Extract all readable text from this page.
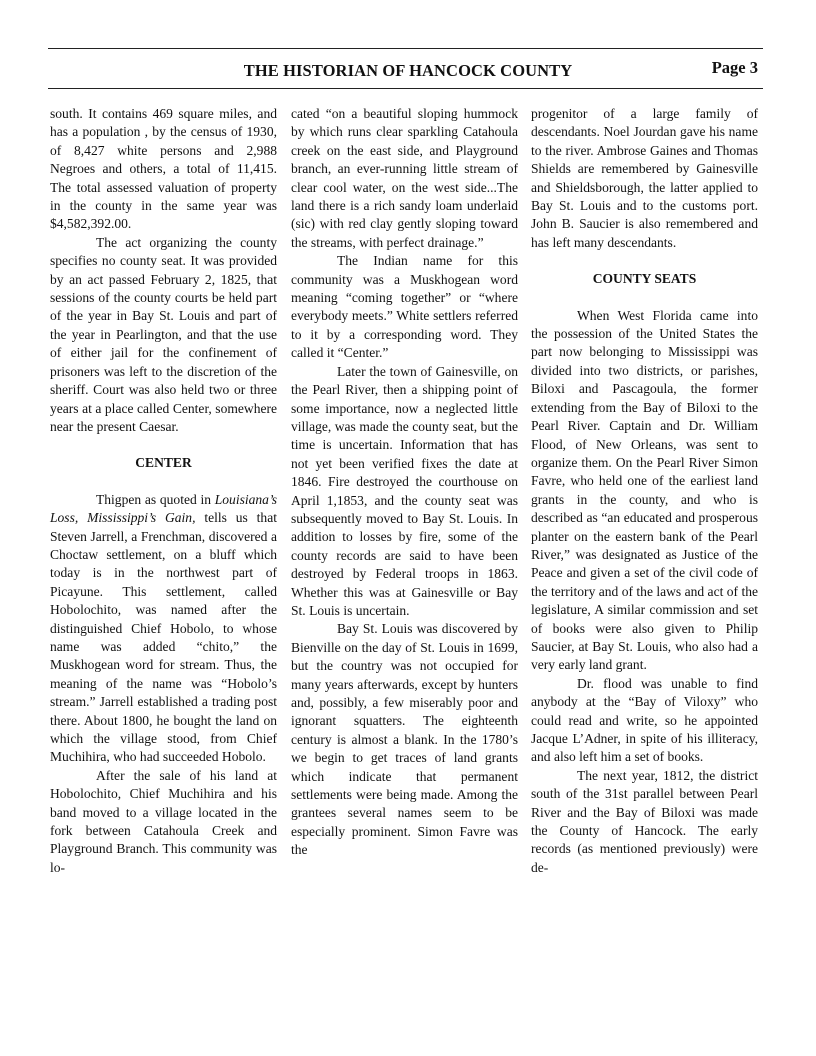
THE HISTORIAN OF HANCOCK COUNTY	Page 3

south. It contains 469 square miles, and has a population , by the census of 1930, of 8,427 white persons and 2,988 Negroes and others, a total of 11,415. The total assessed valuation of property in the county in the same year was $4,582,392.00.

The act organizing the county specifies no county seat. It was provided by an act passed February 2, 1825, that sessions of the county courts be held part of the year in Bay St. Louis and part of the year in Pearlington, and that the use of either jail for the confinement of prisoners was left to the discretion of the sheriff. Court was also held two or three years at a place called Center, somewhere near the present Caesar.

CENTER

Thigpen as quoted in Louisiana’s Loss, Mississippi’s Gain, tells us that Steven Jarrell, a Frenchman, discovered a Choctaw settlement, on a bluff which today is in the northwest part of Picayune. This settlement, called Hobolochito, was named after the distinguished Chief Hobolo, to whose name was added “chito,” the Muskhogean word for stream. Thus, the meaning of the name was “Hobolo’s stream.” Jarrell established a trading post there. About 1800, he bought the land on which the village stood, from Chief Muchihira, who had succeeded Hobolo.

After the sale of his land at Hobolochito, Chief Muchihira and his band moved to a village located in the fork between Catahoula Creek and Playground Branch. This community was lo-

cated “on a beautiful sloping hummock by which runs clear sparkling Catahoula creek on the east side, and Playground branch, an ever-running little stream of clear cool water, on the west side...The land there is a rich sandy loam underlaid (sic) with red clay gently sloping toward the streams, with perfect drainage.”

The Indian name for this community was a Muskhogean word meaning “coming together” or “where everybody meets.” White settlers referred to it by a corresponding word. They called it “Center.”

Later the town of Gainesville, on the Pearl River, then a shipping point of some importance, now a neglected little village, was made the county seat, but the time is uncertain. Information that has not yet been verified fixes the date at 1846. Fire destroyed the courthouse on April 1,1853, and the county seat was subsequently moved to Bay St. Louis. In addition to losses by fire, some of the county records are said to have been destroyed by Federal troops in 1863. Whether this was at Gainesville or Bay St. Louis is uncertain.

Bay St. Louis was discovered by Bienville on the day of St. Louis in 1699, but the country was not occupied for many years afterwards, except by hunters and, possibly, a few miserably poor and ignorant squatters. The eighteenth century is almost a blank. In the 1780’s we begin to get traces of land grants which indicate that permanent settlements were being made. Among the grantees several names seem to be especially prominent. Simon Favre was the

progenitor of a large family of descendants. Noel Jourdan gave his name to the river. Ambrose Gaines and Thomas Shields are remembered by Gainesville and Shieldsborough, the latter applied to Bay St. Louis and to the customs port. John B. Saucier is also remembered and has left many descendants.

COUNTY SEATS

When West Florida came into the possession of the United States the part now belonging to Mississippi was divided into two districts, or parishes, Biloxi and Pascagoula, the former extending from the Bay of Biloxi to the Pearl River. Captain and Dr. William Flood, of New Orleans, was sent to organize them. On the Pearl River Simon Favre, who held one of the earliest land grants in the county, and who is described as “an educated and prosperous planter on the eastern bank of the Pearl River,” was designated as Justice of the Peace and given a set of the civil code of the territory and of the laws and act of the legislature, A similar commission and set of books were also given to Philip Saucier, at Bay St. Louis, who also had a very early land grant.

Dr. flood was unable to find anybody at the “Bay of Viloxy” who could read and write, so he appointed Jacque L’Adner, in spite of his illiteracy, and also left him a set of books.

The next year, 1812, the district south of the 31st parallel between Pearl River and the Bay of Biloxi was made the County of Hancock. The early records (as mentioned previously) were de-
